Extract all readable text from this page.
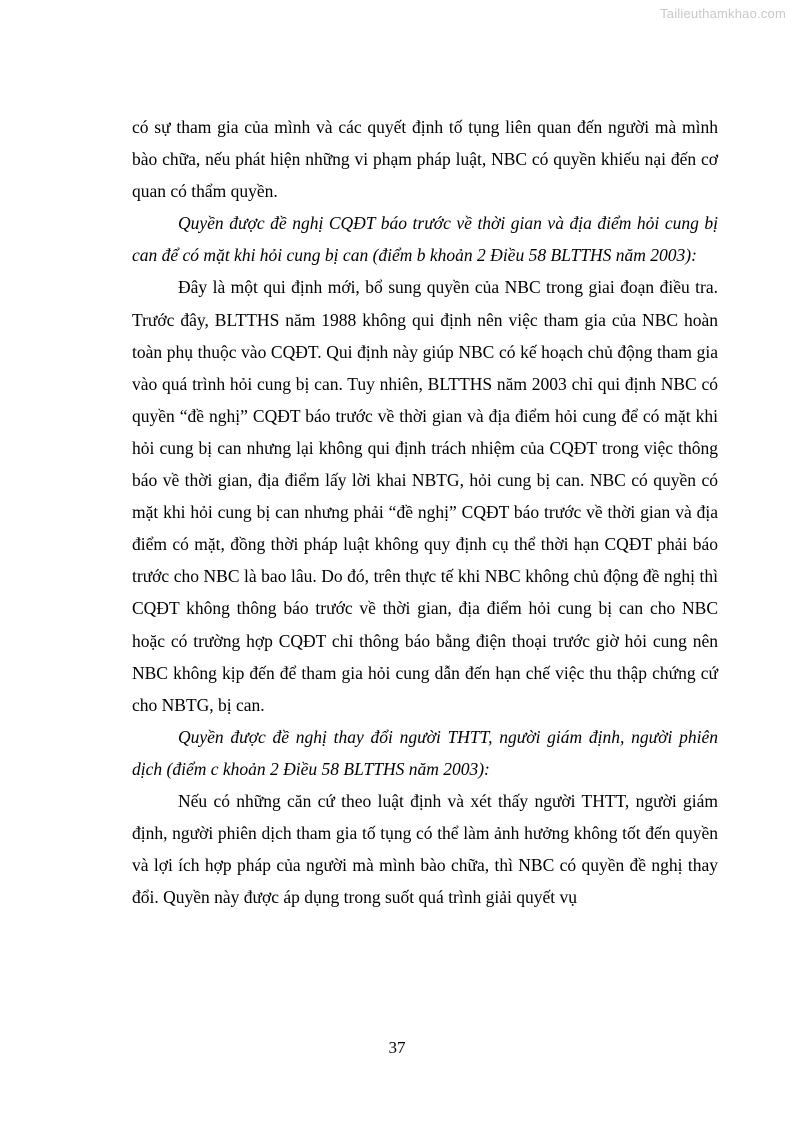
Tailieuthamkhao.com

có sự tham gia của mình và các quyết định tố tụng liên quan đến người mà mình bào chữa, nếu phát hiện những vi phạm pháp luật, NBC có quyền khiếu nại đến cơ quan có thẩm quyền.

Quyền được đề nghị CQĐT báo trước về thời gian và địa điểm hỏi cung bị can để có mặt khi hỏi cung bị can (điểm b khoản 2 Điều 58 BLTTHS năm 2003):

Đây là một qui định mới, bổ sung quyền của NBC trong giai đoạn điều tra. Trước đây, BLTTHS năm 1988 không qui định nên việc tham gia của NBC hoàn toàn phụ thuộc vào CQĐT. Qui định này giúp NBC có kế hoạch chủ động tham gia vào quá trình hỏi cung bị can. Tuy nhiên, BLTTHS năm 2003 chỉ qui định NBC có quyền “đề nghị” CQĐT báo trước về thời gian và địa điểm hỏi cung để có mặt khi hỏi cung bị can nhưng lại không qui định trách nhiệm của CQĐT trong việc thông báo về thời gian, địa điểm lấy lời khai NBTG, hỏi cung bị can. NBC có quyền có mặt khi hỏi cung bị can nhưng phải “đề nghị” CQĐT báo trước về thời gian và địa điểm có mặt, đồng thời pháp luật không quy định cụ thể thời hạn CQĐT phải báo trước cho NBC là bao lâu. Do đó, trên thực tế khi NBC không chủ động đề nghị thì CQĐT không thông báo trước về thời gian, địa điểm hỏi cung bị can cho NBC hoặc có trường hợp CQĐT chỉ thông báo bằng điện thoại trước giờ hỏi cung nên NBC không kịp đến để tham gia hỏi cung dẫn đến hạn chế việc thu thập chứng cứ cho NBTG, bị can.

Quyền được đề nghị thay đổi người THTT, người giám định, người phiên dịch (điểm c khoản 2 Điều 58 BLTTHS năm 2003):

Nếu có những căn cứ theo luật định và xét thấy người THTT, người giám định, người phiên dịch tham gia tố tụng có thể làm ảnh hưởng không tốt đến quyền và lợi ích hợp pháp của người mà mình bào chữa, thì NBC có quyền đề nghị thay đổi. Quyền này được áp dụng trong suốt quá trình giải quyết vụ

37
